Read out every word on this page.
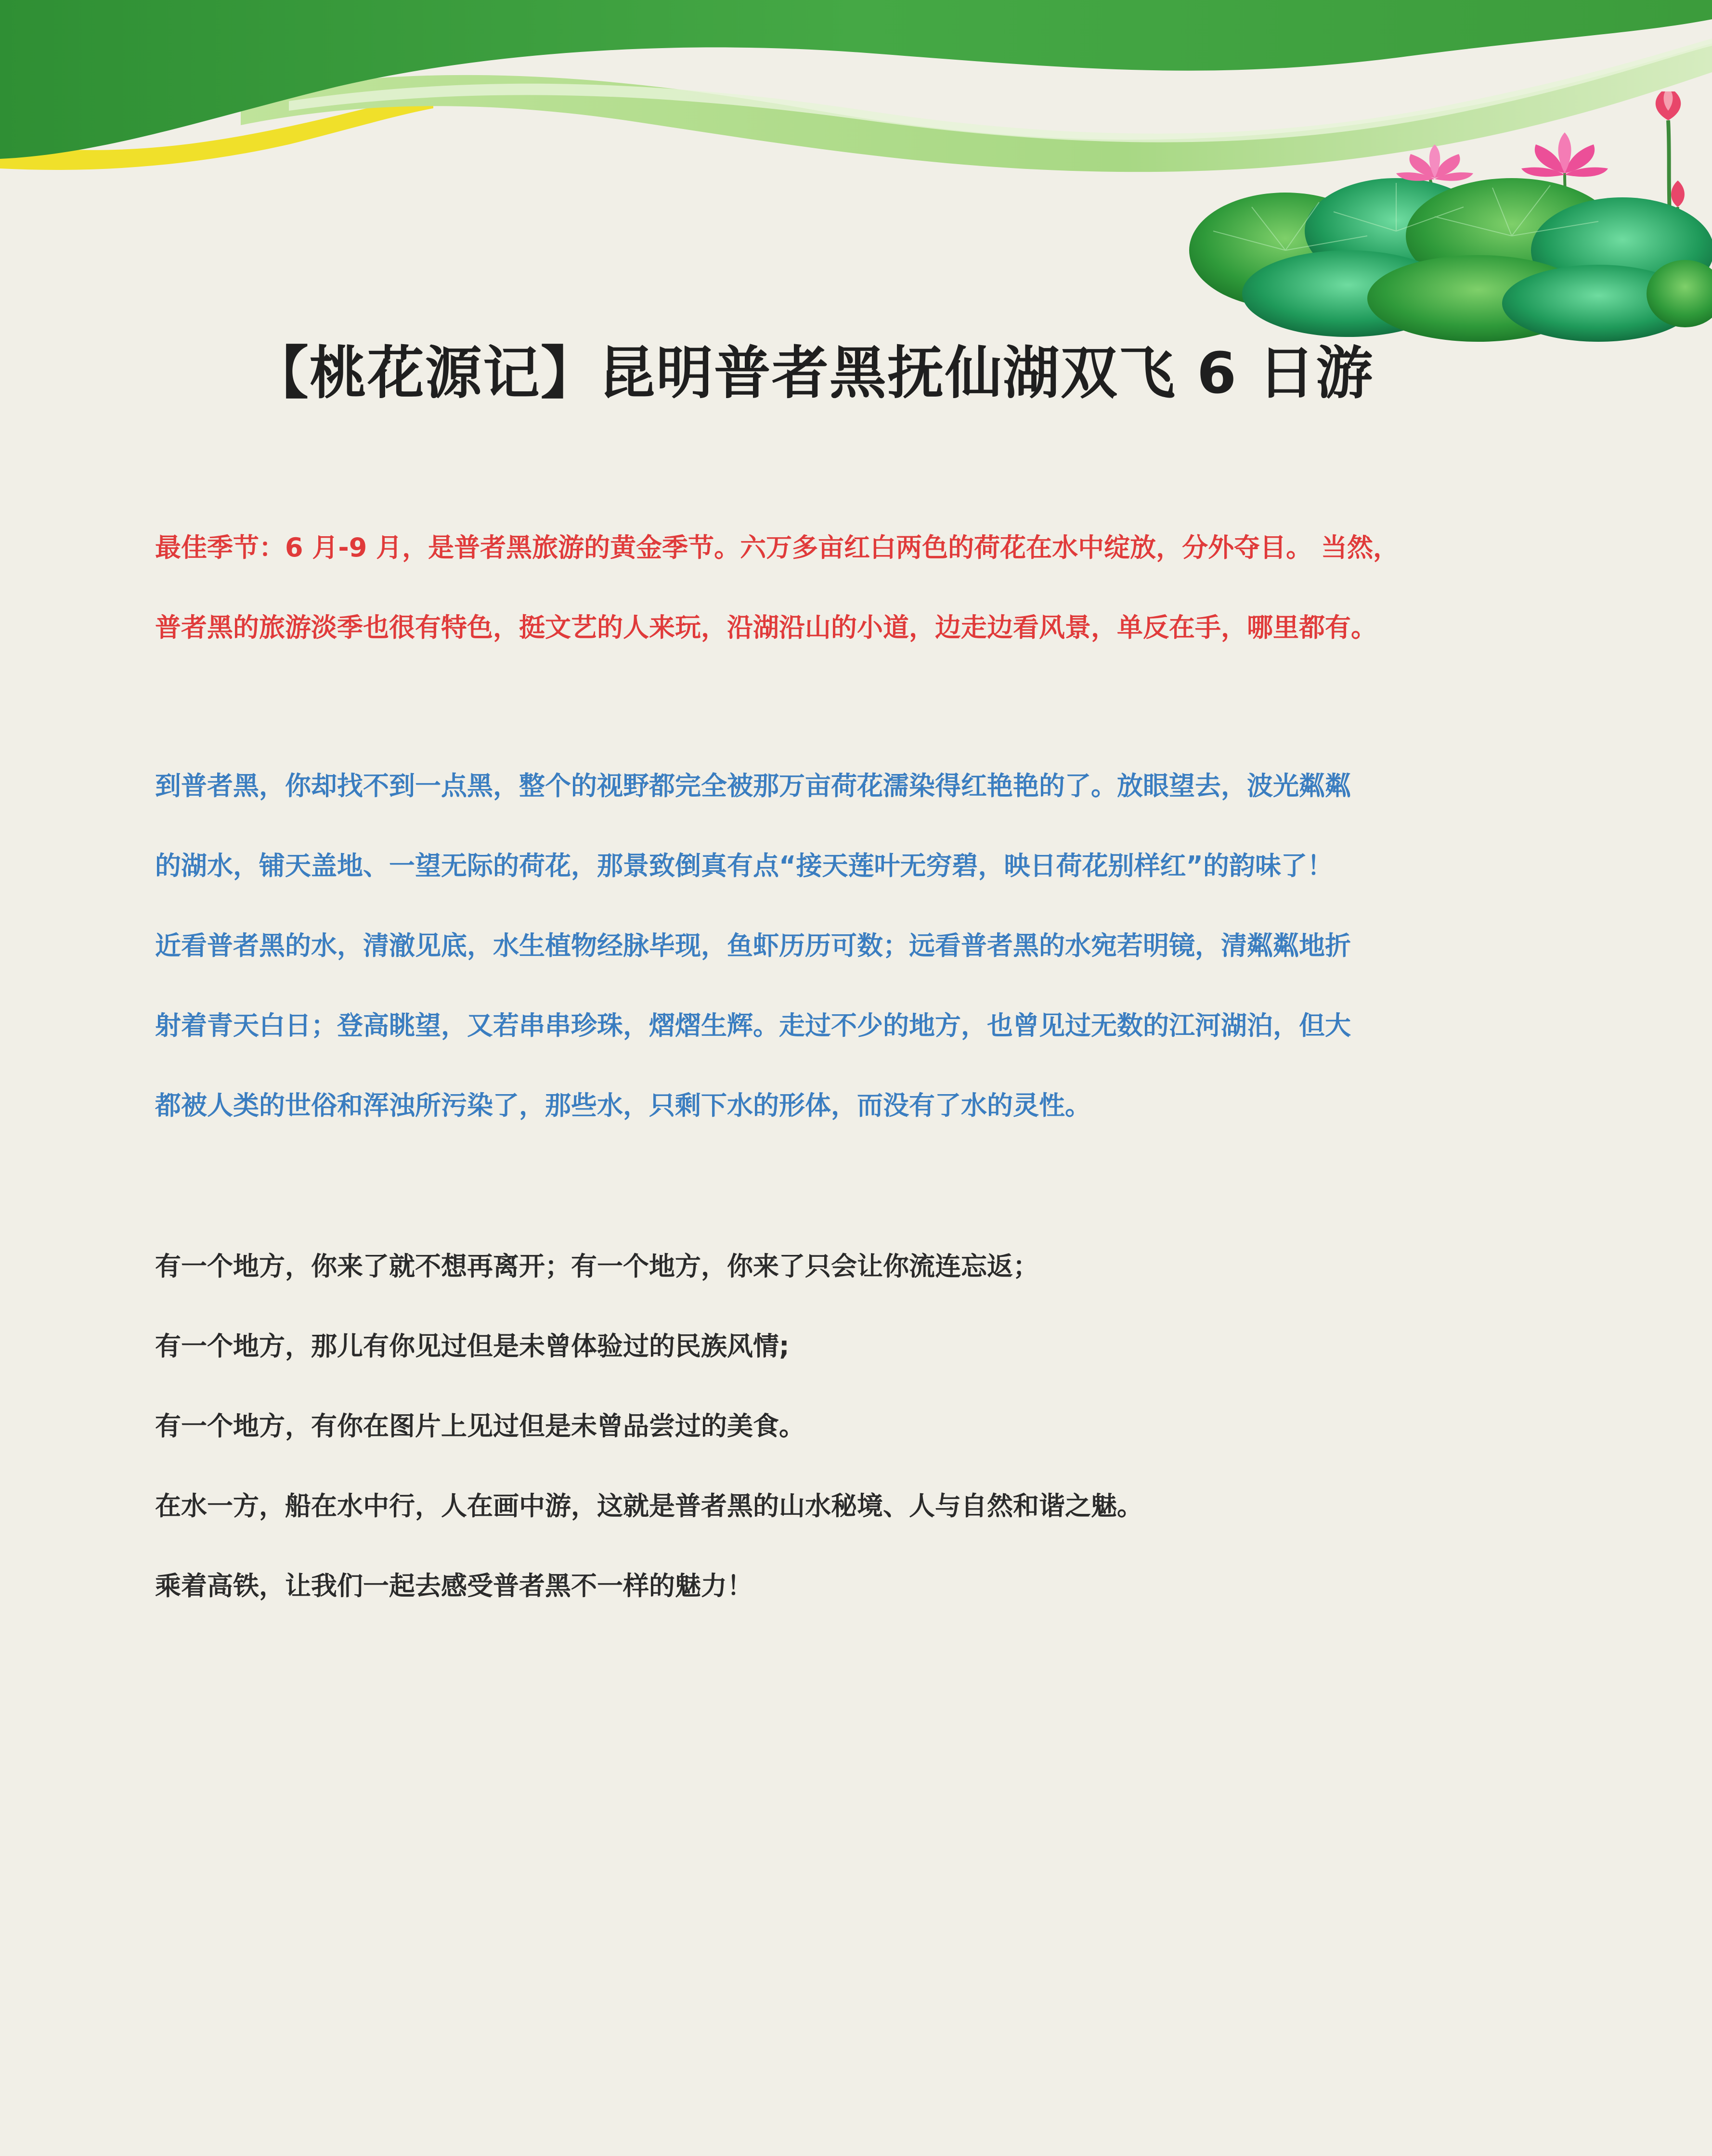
【桃花源记】昆明普者黑抚仙湖双飞 6 日游
最佳季节：6 月-9 月，是普者黑旅游的黄金季节。六万多亩红白两色的荷花在水中绽放，分外夺目。 当然，
普者黑的旅游淡季也很有特色，挺文艺的人来玩，沿湖沿山的小道，边走边看风景，单反在手，哪里都有。
到普者黑，你却找不到一点黑，整个的视野都完全被那万亩荷花濡染得红艳艳的了。放眼望去，波光粼粼
的湖水，铺天盖地、一望无际的荷花，那景致倒真有点“接天莲叶无穷碧，映日荷花别样红”的韵味了！
近看普者黑的水，清澈见底，水生植物经脉毕现，鱼虾历历可数；远看普者黑的水宛若明镜，清粼粼地折
射着青天白日；登高眺望，又若串串珍珠，熠熠生辉。走过不少的地方，也曾见过无数的江河湖泊，但大
都被人类的世俗和浑浊所污染了，那些水，只剩下水的形体，而没有了水的灵性。
有一个地方，你来了就不想再离开；有一个地方，你来了只会让你流连忘返；
有一个地方，那儿有你见过但是未曾体验过的民族风情;
有一个地方，有你在图片上见过但是未曾品尝过的美食。
在水一方，船在水中行，人在画中游，这就是普者黑的山水秘境、人与自然和谐之魅。
乘着高铁，让我们一起去感受普者黑不一样的魅力！
